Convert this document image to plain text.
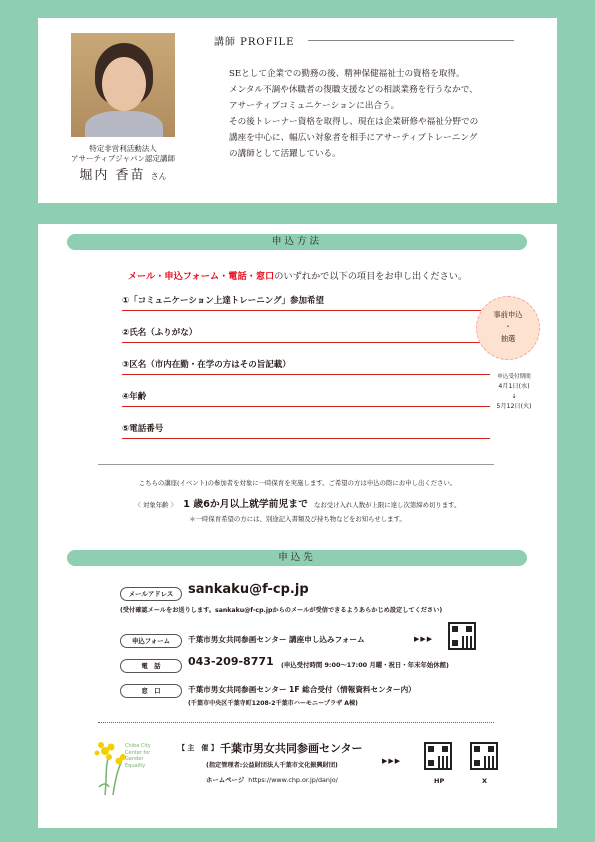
特定非営利活動法人
アサーティブジャパン認定講師
堀内 香苗 さん
講師 PROFILE
SEとして企業での勤務の後、精神保健福祉士の資格を取得。
メンタル不調や休職者の復職支援などの相談業務を行うなかで、
アサーティブコミュニケーションに出合う。
その後トレーナー資格を取得し、現在は企業研修や福祉分野での
講座を中心に、幅広い対象者を相手にアサーティブトレーニング
の講師として活躍している。
申込方法
メール・申込フォーム・電話・窓口のいずれかで以下の項目をお申し出ください。
①「コミュニケーション上達トレーニング」参加希望
②氏名（ふりがな）
③区名（市内在勤・在学の方はその旨記載）
④年齢
⑤電話番号
事前申込
・
抽選
申込受付期間
4月1日(水)
↓
5月12日(火)
こちらの講座(イベント)の参加者を対象に一時保育を実施します。ご希望の方は申込の際にお申し出ください。
〈 対象年齢 〉 1 歳6か月以上就学前児まで なお受け入れ人数が上限に達し次第締め切ります。
＊一時保育希望の方には、別途記入書類及び持ち物などをお知らせします。
申込先
メールアドレス	sankaku@f-cp.jp
(受付確認メールをお送りします。sankaku@f-cp.jpからのメールが受信できるようあらかじめ設定してください)
申込フォーム	千葉市男女共同参画センター 講座申し込みフォーム	▶▶▶
電　話	043-209-8771 (申込受付時間 9:00～17:00 月曜・祝日・年末年始休館)
窓　口	千葉市男女共同参画センター 1F 総合受付（情報資料センター内）
(千葉市中央区千葉寺町1208-2千葉市ハーモニープラザ A棟)
Chiba City
Center for
Gender
Equality
【 主　催 】 千葉市男女共同参画センター
(指定管理者:公益財団法人千葉市文化振興財団)
ホームページ https://www.chp.or.jp/danjo/
▶▶▶
HP	X
